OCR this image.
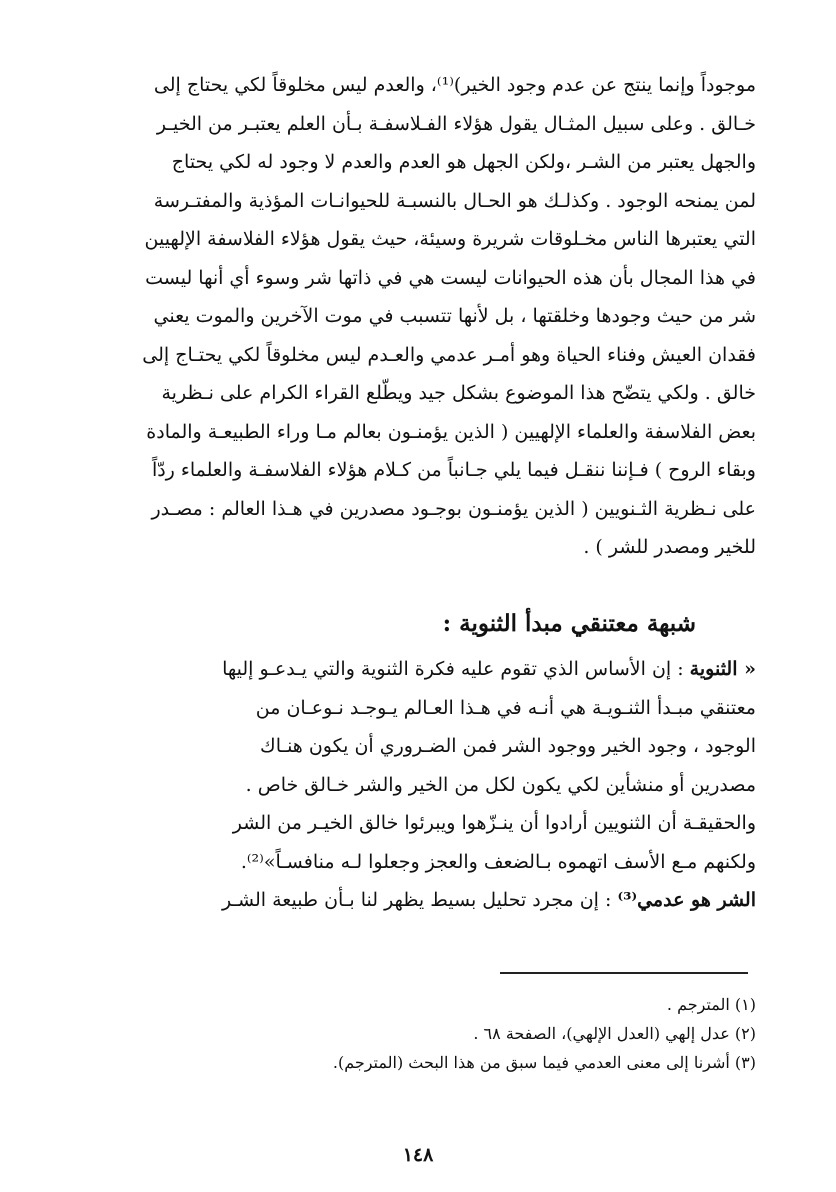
موجوداً وإنما ينتج عن عدم وجود الخير)⁽¹⁾، والعدم ليس مخلوقاً لكي يحتاج إلى
خـالق . وعلى سبيل المثـال يقول هؤلاء الفـلاسفـة بـأن العلم يعتبـر من الخيـر
والجهل يعتبر من الشـر ،ولكن الجهل هو العدم والعدم لا وجود له لكي يحتاج
لمن يمنحه الوجود . وكذلـك هو الحـال بالنسبـة للحيوانـات المؤذية والمفتـرسة
التي يعتبرها الناس مخـلوقات شريرة وسيئة، حيث يقول هؤلاء الفلاسفة الإلهيين
في هذا المجال بأن هذه الحيوانات ليست هي في ذاتها شر وسوء أي أنها ليست
شر من حيث وجودها وخلقتها ، بل لأنها تتسبب في موت الآخرين والموت يعني
فقدان العيش وفناء الحياة وهو أمـر عدمي والعـدم ليس مخلوقاً لكي يحتـاج إلى
خالق . ولكي يتضّح هذا الموضوع بشكل جيد ويطّلع القراء الكرام على نـظرية
بعض الفلاسفة والعلماء الإلهيين ( الذين يؤمنـون بعالم مـا وراء الطبيعـة والمادة
وبقاء الروح ) فـإننا ننقـل فيما يلي جـانباً من كـلام هؤلاء الفلاسفـة والعلماء ردّاً
على نـظرية الثـنويين ( الذين يؤمنـون بوجـود مصدرين في هـذا العالم : مصـدر
للخير ومصدر للشر ) .
شبهة معتنقي مبدأ الثنوية :
« الثنوية : إن الأساس الذي تقوم عليه فكرة الثنوية والتي يـدعـو إليها
معتنقي مبـدأ الثنـويـة هي أنـه في هـذا العـالم يـوجـد نـوعـان من
الوجود ، وجود الخير ووجود الشر فمن الضـروري أن يكون هنـاك
مصدرين أو منشأين لكي يكون لكل من الخير والشر خـالق خاص .
والحقيقـة أن الثنويين أرادوا أن ينـزّهوا ويبرئوا خالق الخيـر من الشر
ولكنهم مـع الأسف اتهموه بـالضعف والعجز وجعلوا لـه منافسـاً»⁽²⁾.
الشر هو عدمي⁽³⁾ : إن مجرد تحليل بسيط يظهر لنا بـأن طبيعة الشـر
(١) المترجم .
(٢) عدل إلهي (العدل الإلهي)، الصفحة ٦٨ .
(٣) أشرنا إلى معنى العدمي فيما سبق من هذا البحث (المترجم).
١٤٨
